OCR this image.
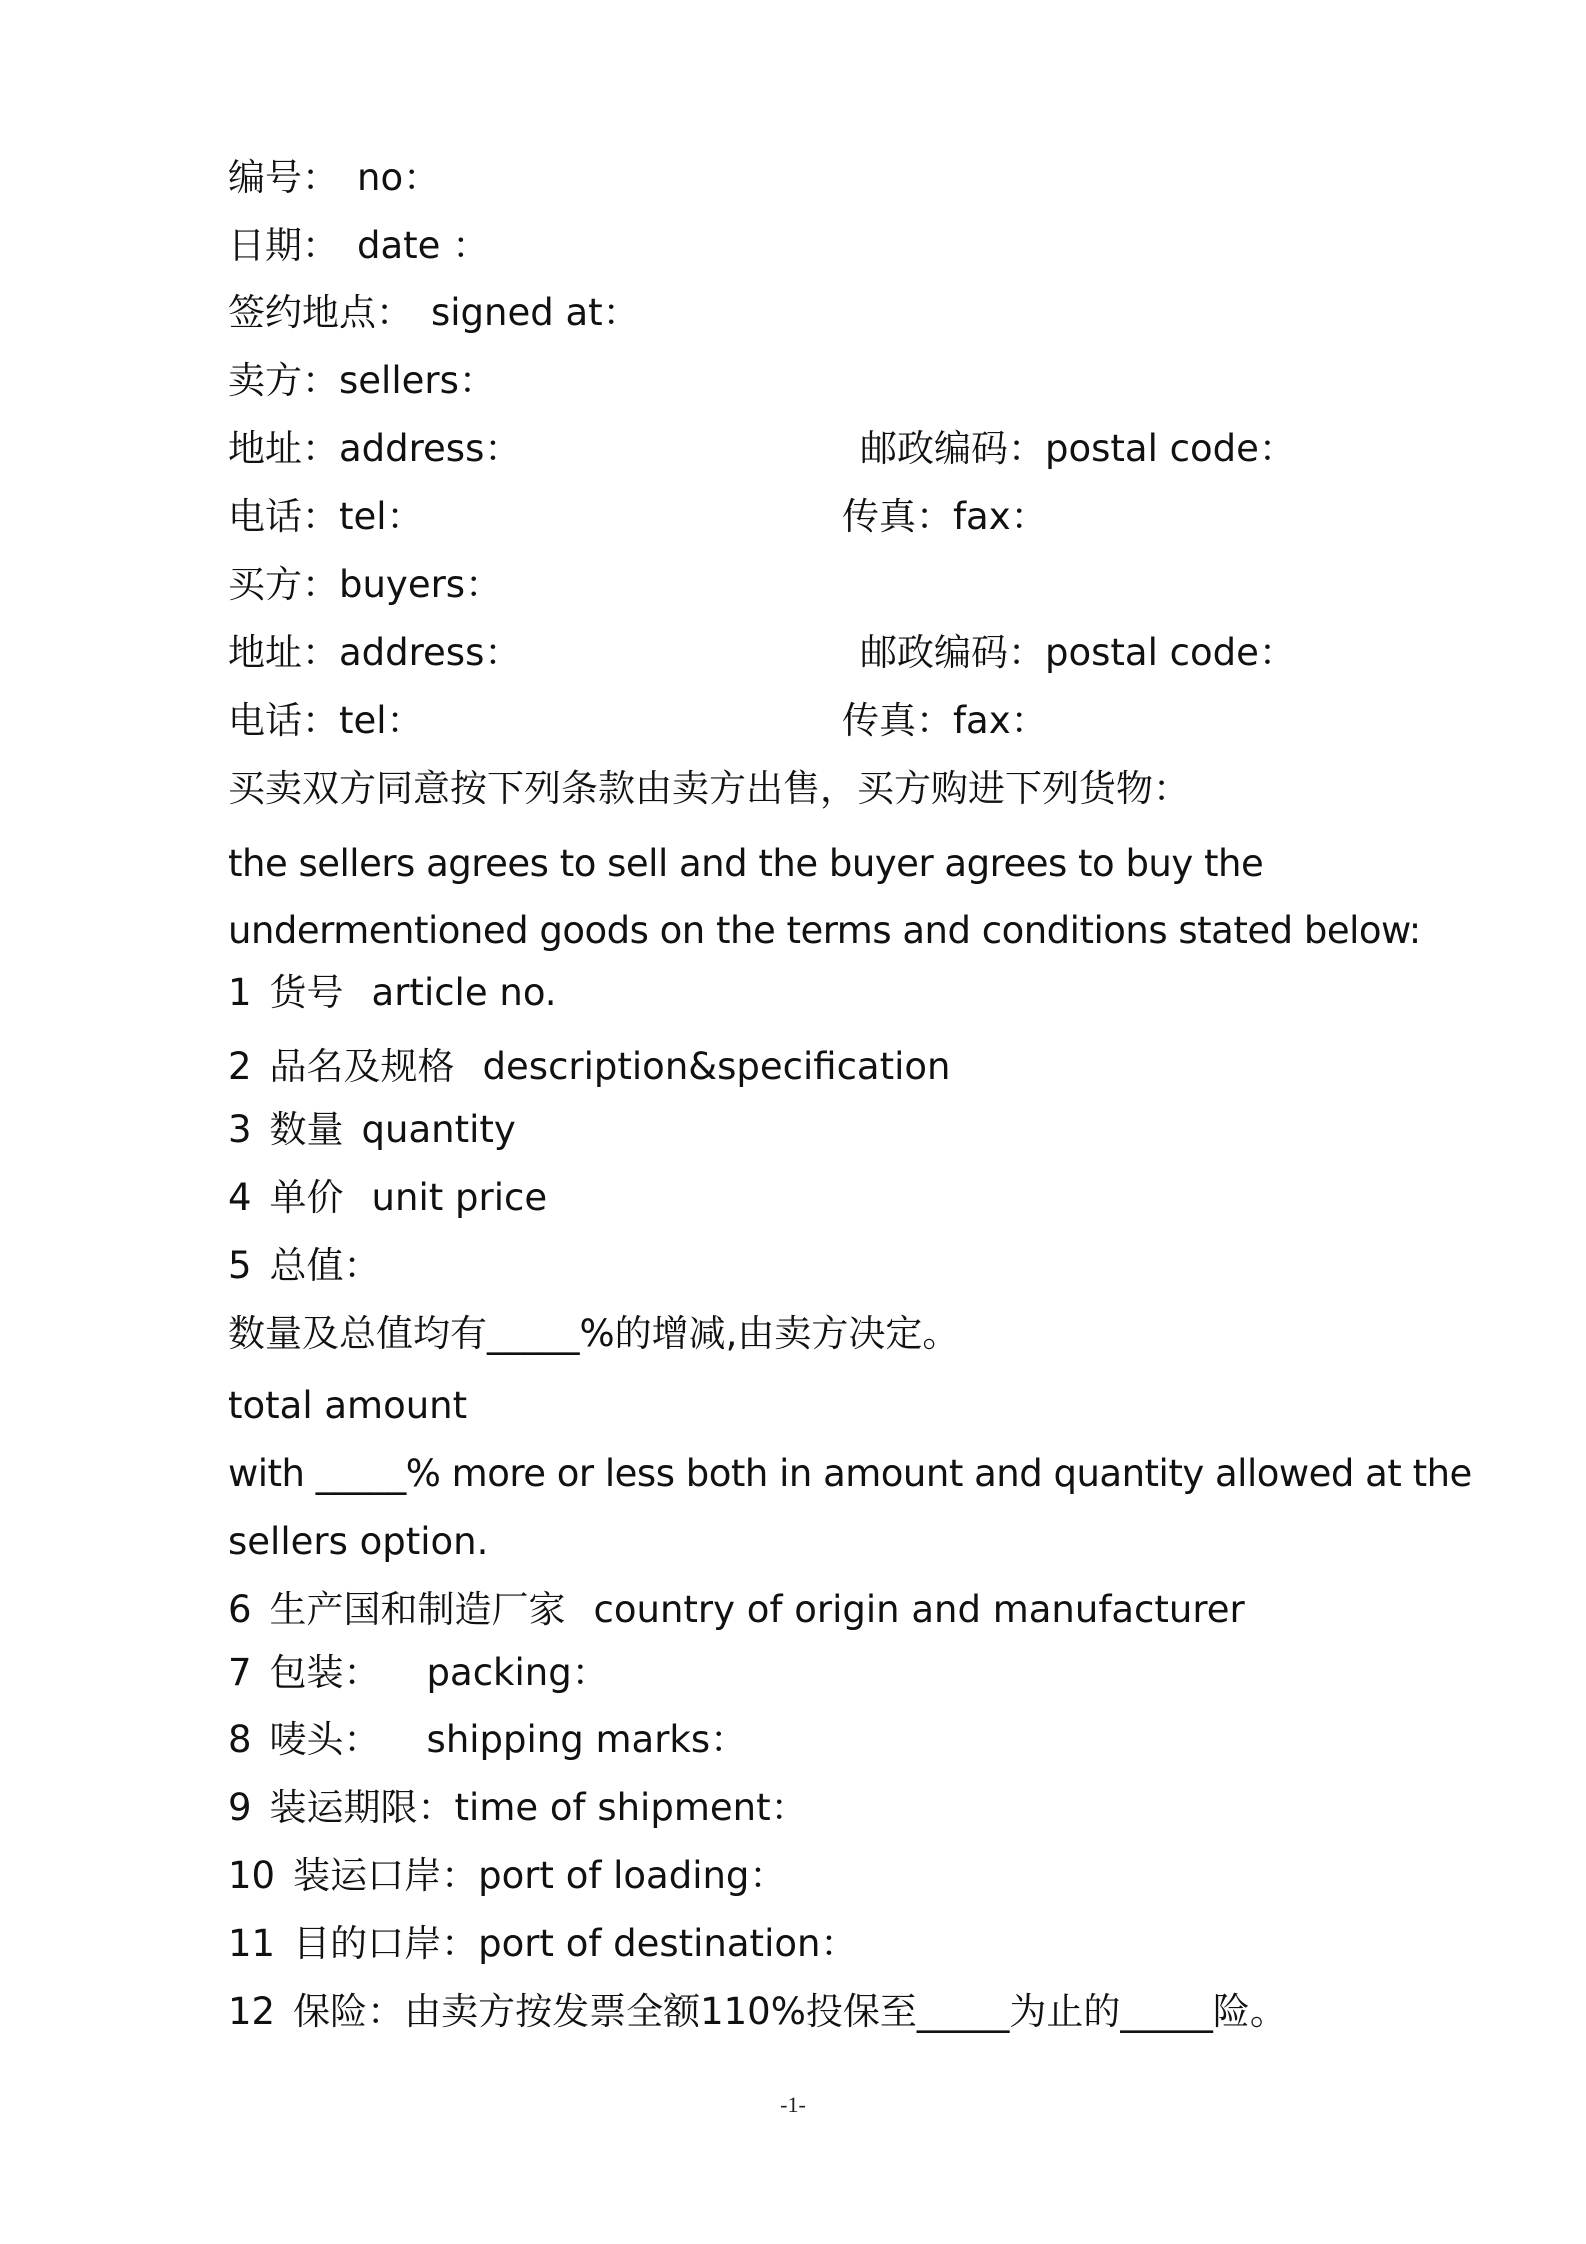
编号： no：
日期： date ：
签约地点： signed at：
卖方：sellers：
地址：address：	邮政编码：postal code：
电话：tel：	传真：fax：
买方：buyers：
地址：address：	邮政编码：postal code：
电话：tel：	传真：fax：
买卖双方同意按下列条款由卖方出售，买方购进下列货物：
the sellers agrees to sell and the buyer agrees to buy the
undermentioned goods on the terms and conditions stated below:
1 货号 article no.
2 品名及规格 description&specification
3 数量 quantity
4 单价 unit price
5 总值：
数量及总值均有_____%的增减,由卖方决定。
total amount
with _____% more or less both in amount and quantity allowed at the
sellers option.
6 生产国和制造厂家 country of origin and manufacturer
7 包装： packing：
8 唛头： shipping marks：
9 装运期限：time of shipment：
10 装运口岸：port of loading：
11 目的口岸：port of destination：
12 保险：由卖方按发票全额110%投保至_____为止的_____险。
-1-
